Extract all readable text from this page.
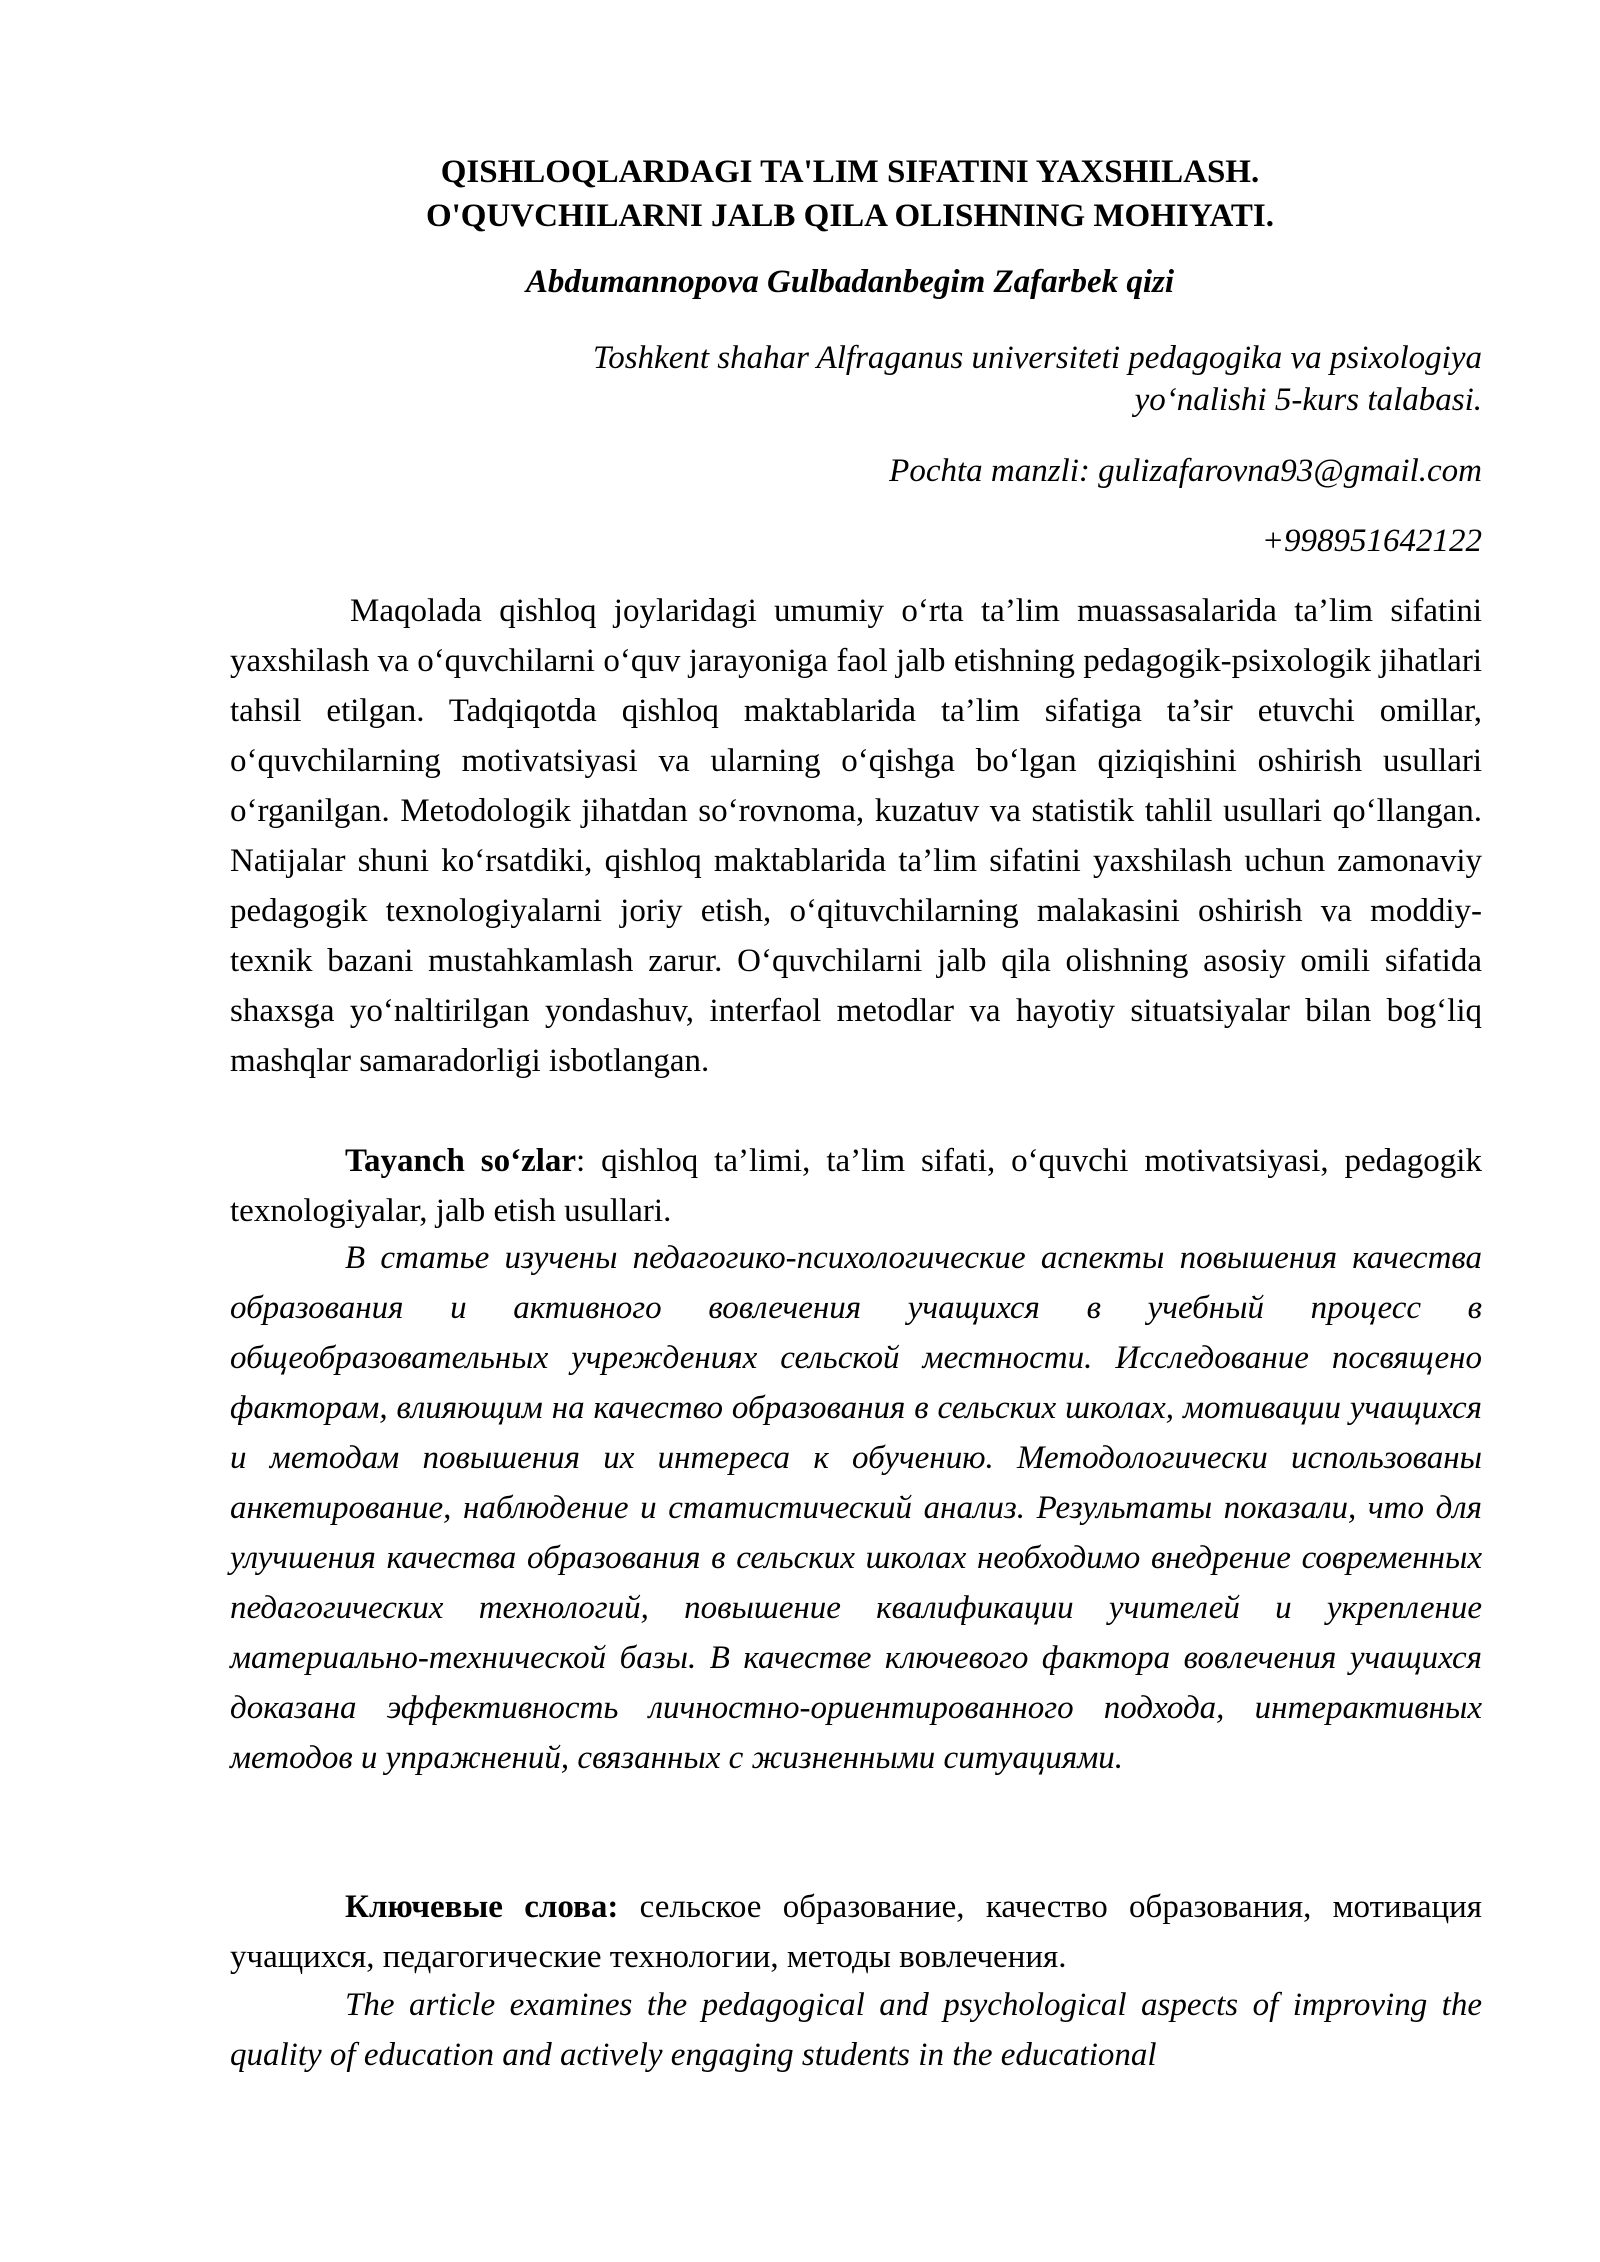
QISHLOQLARDAGI TA'LIM SIFATINI YAXSHILASH.

O'QUVCHILARNI JALB QILA OLISHNING MOHIYATI.

Abdumannopova Gulbadanbegim Zafarbek qizi

Toshkent shahar Alfraganus universiteti pedagogika va psixologiya

yo‘nalishi 5-kurs talabasi.

Pochta manzli: gulizafarovna93@gmail.com

+998951642122

Maqolada qishloq joylaridagi umumiy o‘rta ta’lim muassasalarida ta’lim sifatini yaxshilash va o‘quvchilarni o‘quv jarayoniga faol jalb etishning pedagogik-psixologik jihatlari tahsil etilgan. Tadqiqotda qishloq maktablarida ta’lim sifatiga ta’sir etuvchi omillar, o‘quvchilarning motivatsiyasi va ularning o‘qishga bo‘lgan qiziqishini oshirish usullari o‘rganilgan. Metodologik jihatdan so‘rovnoma, kuzatuv va statistik tahlil usullari qo‘llangan. Natijalar shuni ko‘rsatdiki, qishloq maktablarida ta’lim sifatini yaxshilash uchun zamonaviy pedagogik texnologiyalarni joriy etish, o‘qituvchilarning malakasini oshirish va moddiy-texnik bazani mustahkamlash zarur. O‘quvchilarni jalb qila olishning asosiy omili sifatida shaxsga yo‘naltirilgan yondashuv, interfaol metodlar va hayotiy situatsiyalar bilan bog‘liq mashqlar samaradorligi isbotlangan.

Tayanch so‘zlar: qishloq ta’limi, ta’lim sifati, o‘quvchi motivatsiyasi, pedagogik texnologiyalar, jalb etish usullari.

В статье изучены педагогико-психологические аспекты повышения качества образования и активного вовлечения учащихся в учебный процесс в общеобразовательных учреждениях сельской местности. Исследование посвящено факторам, влияющим на качество образования в сельских школах, мотивации учащихся и методам повышения их интереса к обучению. Методологически использованы анкетирование, наблюдение и статистический анализ. Результаты показали, что для улучшения качества образования в сельских школах необходимо внедрение современных педагогических технологий, повышение квалификации учителей и укрепление материально-технической базы. В качестве ключевого фактора вовлечения учащихся доказана эффективность личностно-ориентированного подхода, интерактивных методов и упражнений, связанных с жизненными ситуациями.

Ключевые слова: сельское образование, качество образования, мотивация учащихся, педагогические технологии, методы вовлечения.

The article examines the pedagogical and psychological aspects of improving the quality of education and actively engaging students in the educational
